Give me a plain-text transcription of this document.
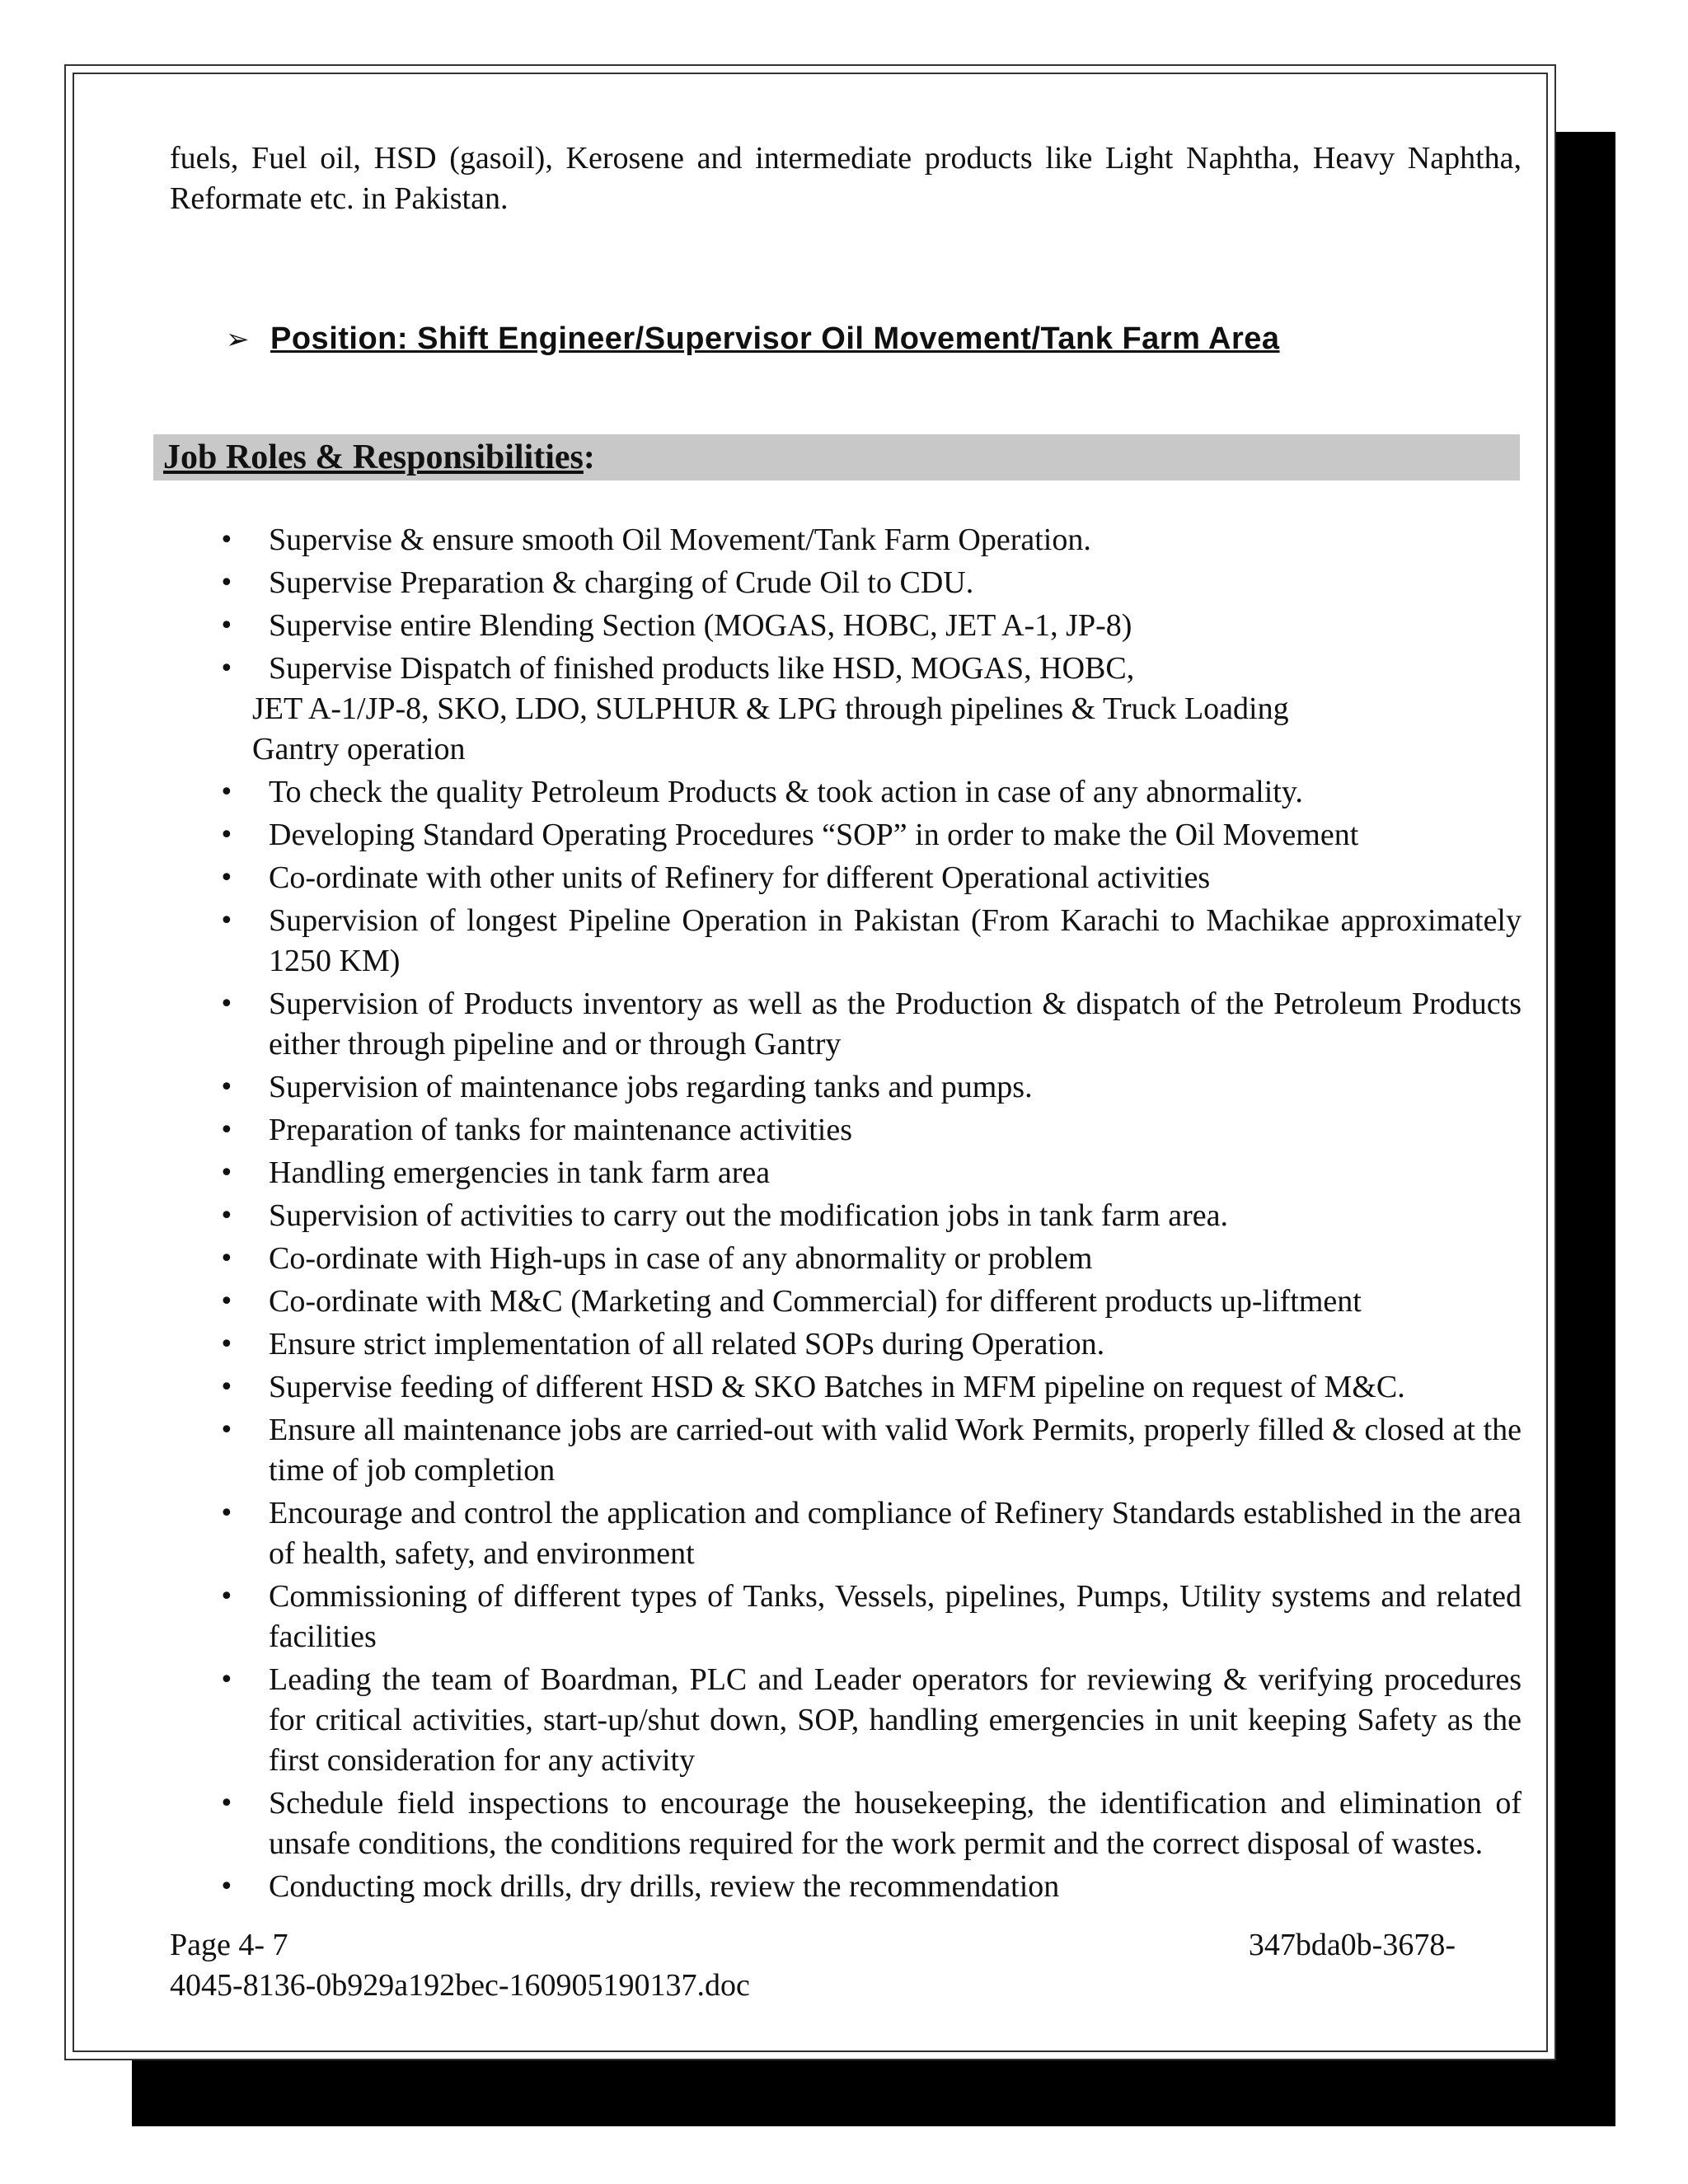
fuels, Fuel oil, HSD (gasoil), Kerosene and intermediate products like Light Naphtha, Heavy Naphtha, Reformate etc. in Pakistan.

➢ Position: Shift Engineer/Supervisor Oil Movement/Tank Farm Area
Job Roles & Responsibilities:
• Supervise & ensure smooth Oil Movement/Tank Farm Operation.
• Supervise Preparation & charging of Crude Oil to CDU.
• Supervise entire Blending Section (MOGAS, HOBC, JET A-1, JP-8)
• Supervise Dispatch of finished products like HSD, MOGAS, HOBC,
JET A-1/JP-8, SKO, LDO, SULPHUR & LPG through pipelines & Truck Loading
Gantry operation
• To check the quality Petroleum Products & took action in case of any abnormality.
• Developing Standard Operating Procedures “SOP” in order to make the Oil Movement
• Co-ordinate with other units of Refinery for different Operational activities
• Supervision of longest Pipeline Operation in Pakistan (From Karachi to Machikae approximately 1250 KM)
• Supervision of Products inventory as well as the Production & dispatch of the Petroleum Products either through pipeline and or through Gantry
• Supervision of maintenance jobs regarding tanks and pumps.
• Preparation of tanks for maintenance activities
• Handling emergencies in tank farm area
• Supervision of activities to carry out the modification jobs in tank farm area.
• Co-ordinate with High-ups in case of any abnormality or problem
• Co-ordinate with M&C (Marketing and Commercial) for different products up-liftment
• Ensure strict implementation of all related SOPs during Operation.
• Supervise feeding of different HSD & SKO Batches in MFM pipeline on request of M&C.
• Ensure all maintenance jobs are carried-out with valid Work Permits, properly filled & closed at the time of job completion
• Encourage and control the application and compliance of Refinery Standards established in the area of health, safety, and environment
• Commissioning of different types of Tanks, Vessels, pipelines, Pumps, Utility systems and related facilities
• Leading the team of Boardman, PLC and Leader operators for reviewing & verifying procedures for critical activities, start-up/shut down, SOP, handling emergencies in unit keeping Safety as the first consideration for any activity
• Schedule field inspections to encourage the housekeeping, the identification and elimination of unsafe conditions, the conditions required for the work permit and the correct disposal of wastes.
• Conducting mock drills, dry drills, review the recommendation
Page 4- 7	347bda0b-3678-
4045-8136-0b929a192bec-160905190137.doc
